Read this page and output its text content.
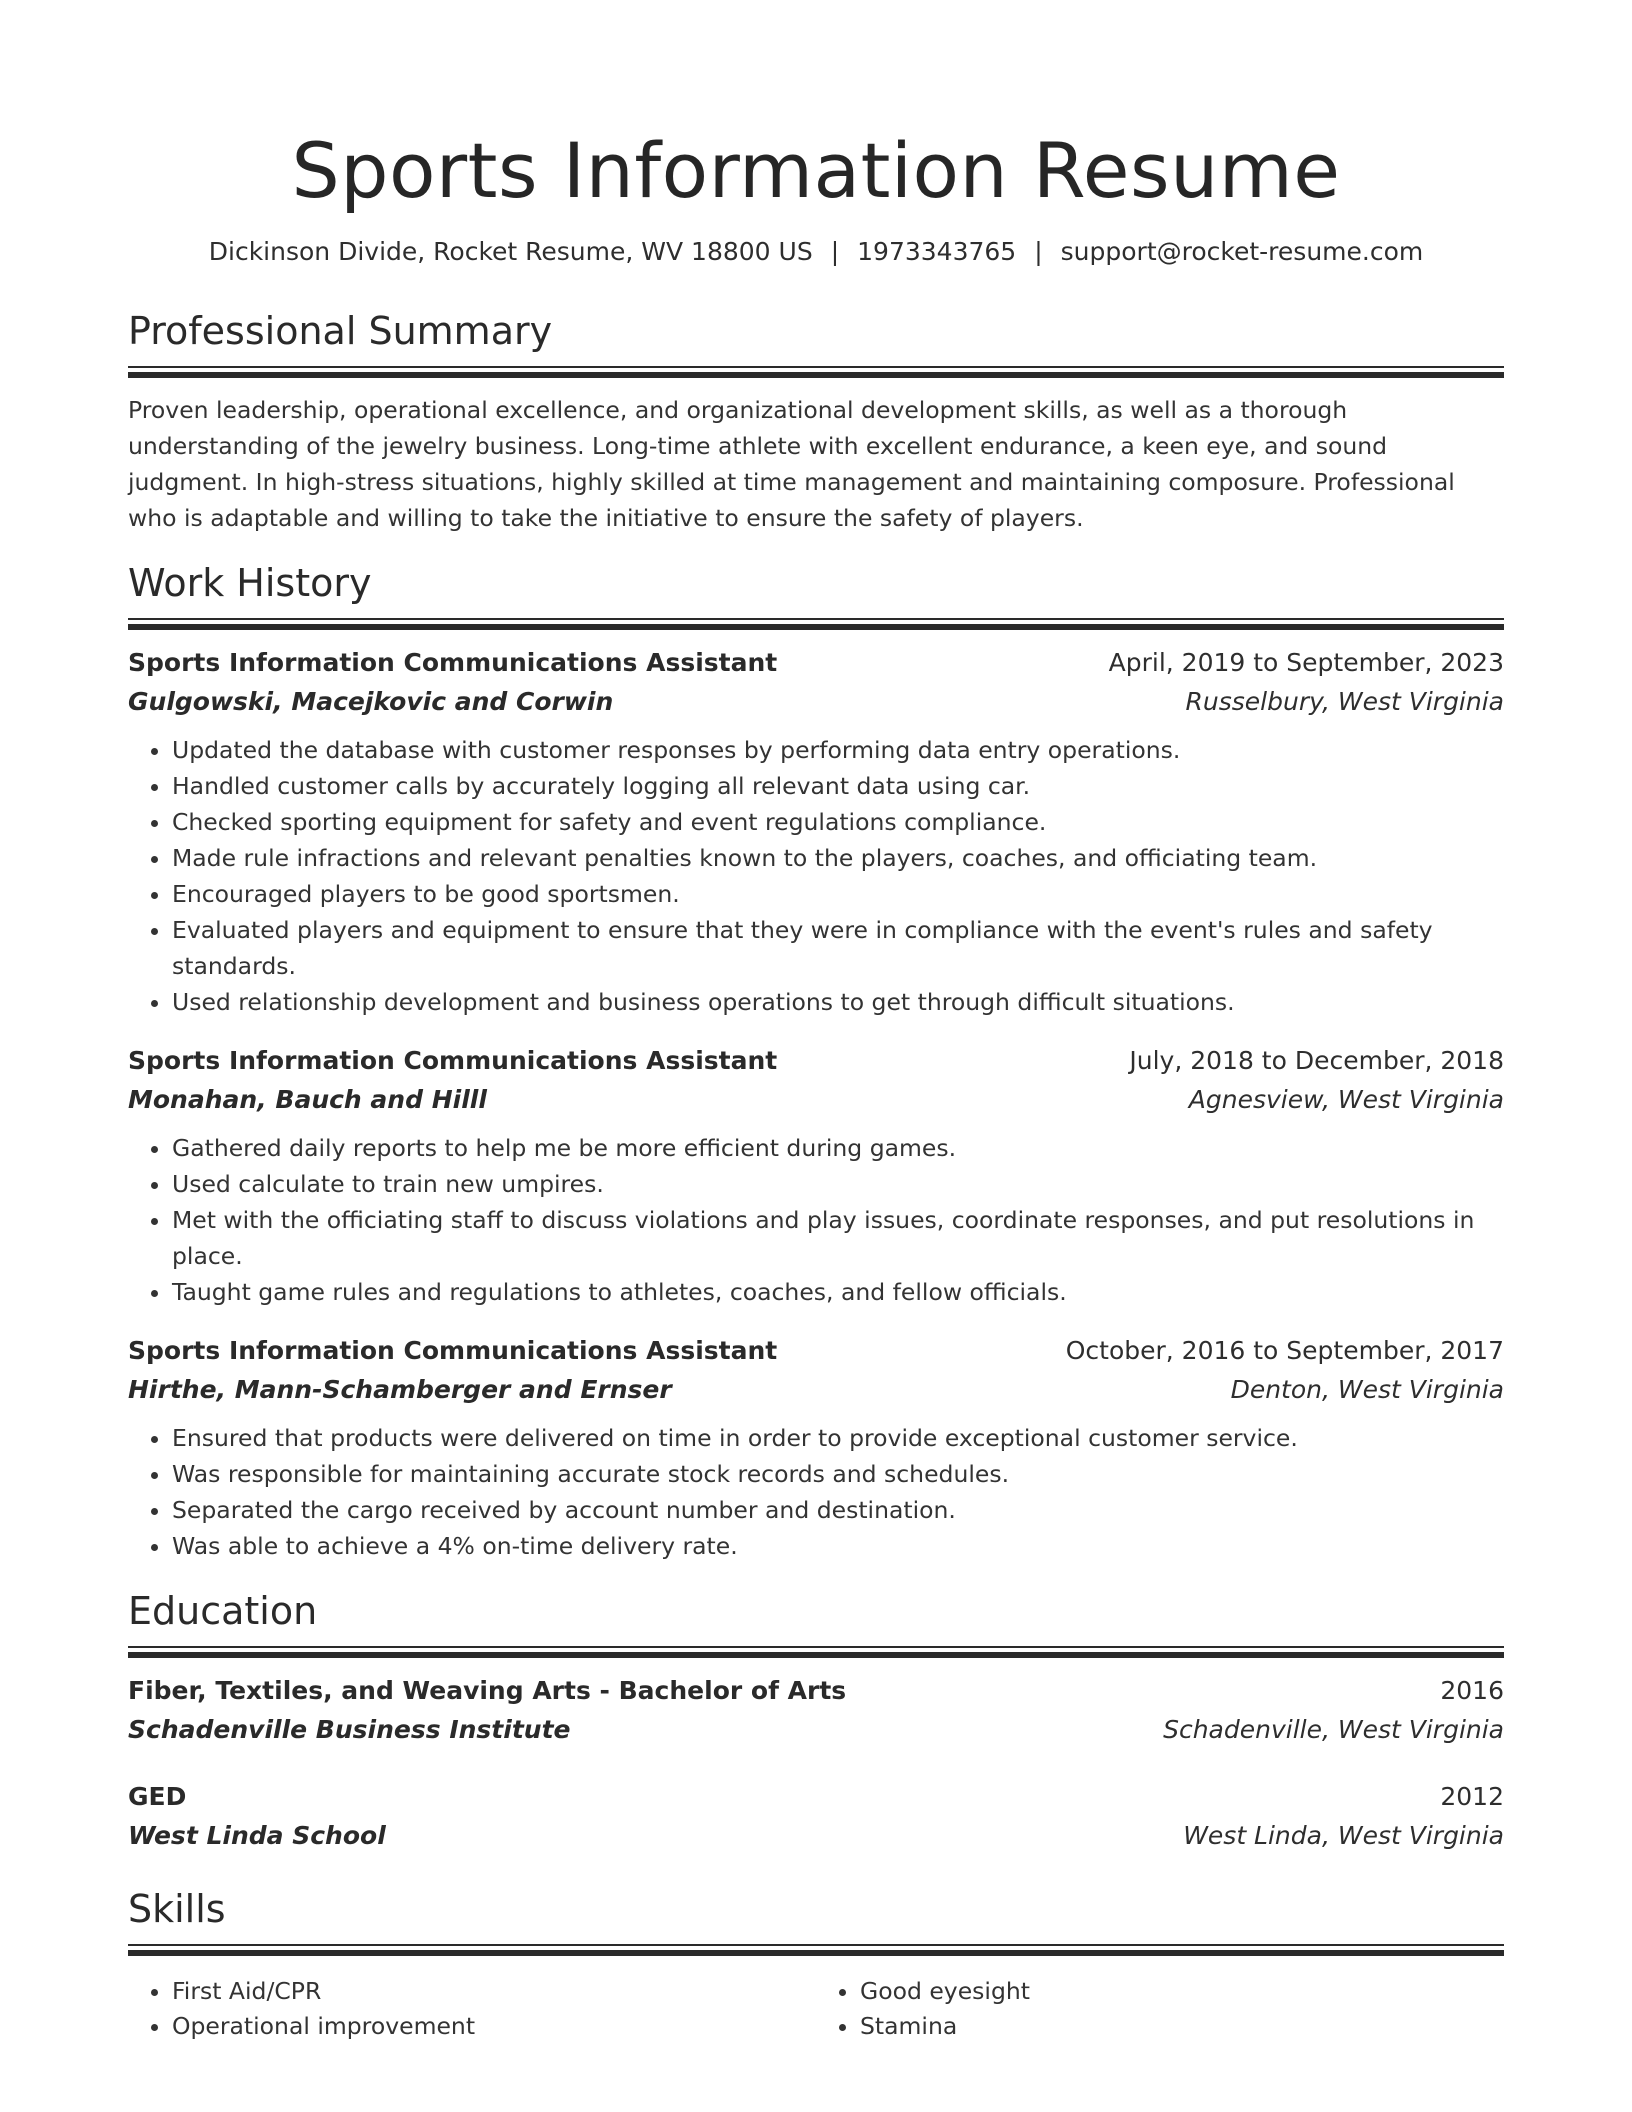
Sports Information Resume
Dickinson Divide, Rocket Resume, WV 18800 US | 1973343765 | support@rocket-resume.com
Professional Summary

Proven leadership, operational excellence, and organizational development skills, as well as a thorough understanding of the jewelry business. Long-time athlete with excellent endurance, a keen eye, and sound judgment. In high-stress situations, highly skilled at time management and maintaining composure. Professional who is adaptable and willing to take the initiative to ensure the safety of players.

Work History
Sports Information Communications Assistant	April, 2019 to September, 2023
Gulgowski, Macejkovic and Corwin	Russelbury, West Virginia
• Updated the database with customer responses by performing data entry operations.
• Handled customer calls by accurately logging all relevant data using car.
• Checked sporting equipment for safety and event regulations compliance.
• Made rule infractions and relevant penalties known to the players, coaches, and officiating team.
• Encouraged players to be good sportsmen.
• Evaluated players and equipment to ensure that they were in compliance with the event's rules and safety standards.
• Used relationship development and business operations to get through difficult situations.
Sports Information Communications Assistant	July, 2018 to December, 2018
Monahan, Bauch and Hilll	Agnesview, West Virginia
• Gathered daily reports to help me be more efficient during games.
• Used calculate to train new umpires.
• Met with the officiating staff to discuss violations and play issues, coordinate responses, and put resolutions in place.
• Taught game rules and regulations to athletes, coaches, and fellow officials.
Sports Information Communications Assistant	October, 2016 to September, 2017
Hirthe, Mann-Schamberger and Ernser	Denton, West Virginia
• Ensured that products were delivered on time in order to provide exceptional customer service.
• Was responsible for maintaining accurate stock records and schedules.
• Separated the cargo received by account number and destination.
• Was able to achieve a 4% on-time delivery rate.
Education
Fiber, Textiles, and Weaving Arts - Bachelor of Arts	2016
Schadenville Business Institute	Schadenville, West Virginia
GED	2012
West Linda School	West Linda, West Virginia
Skills
• First Aid/CPR
• Operational improvement
• Good eyesight
• Stamina
